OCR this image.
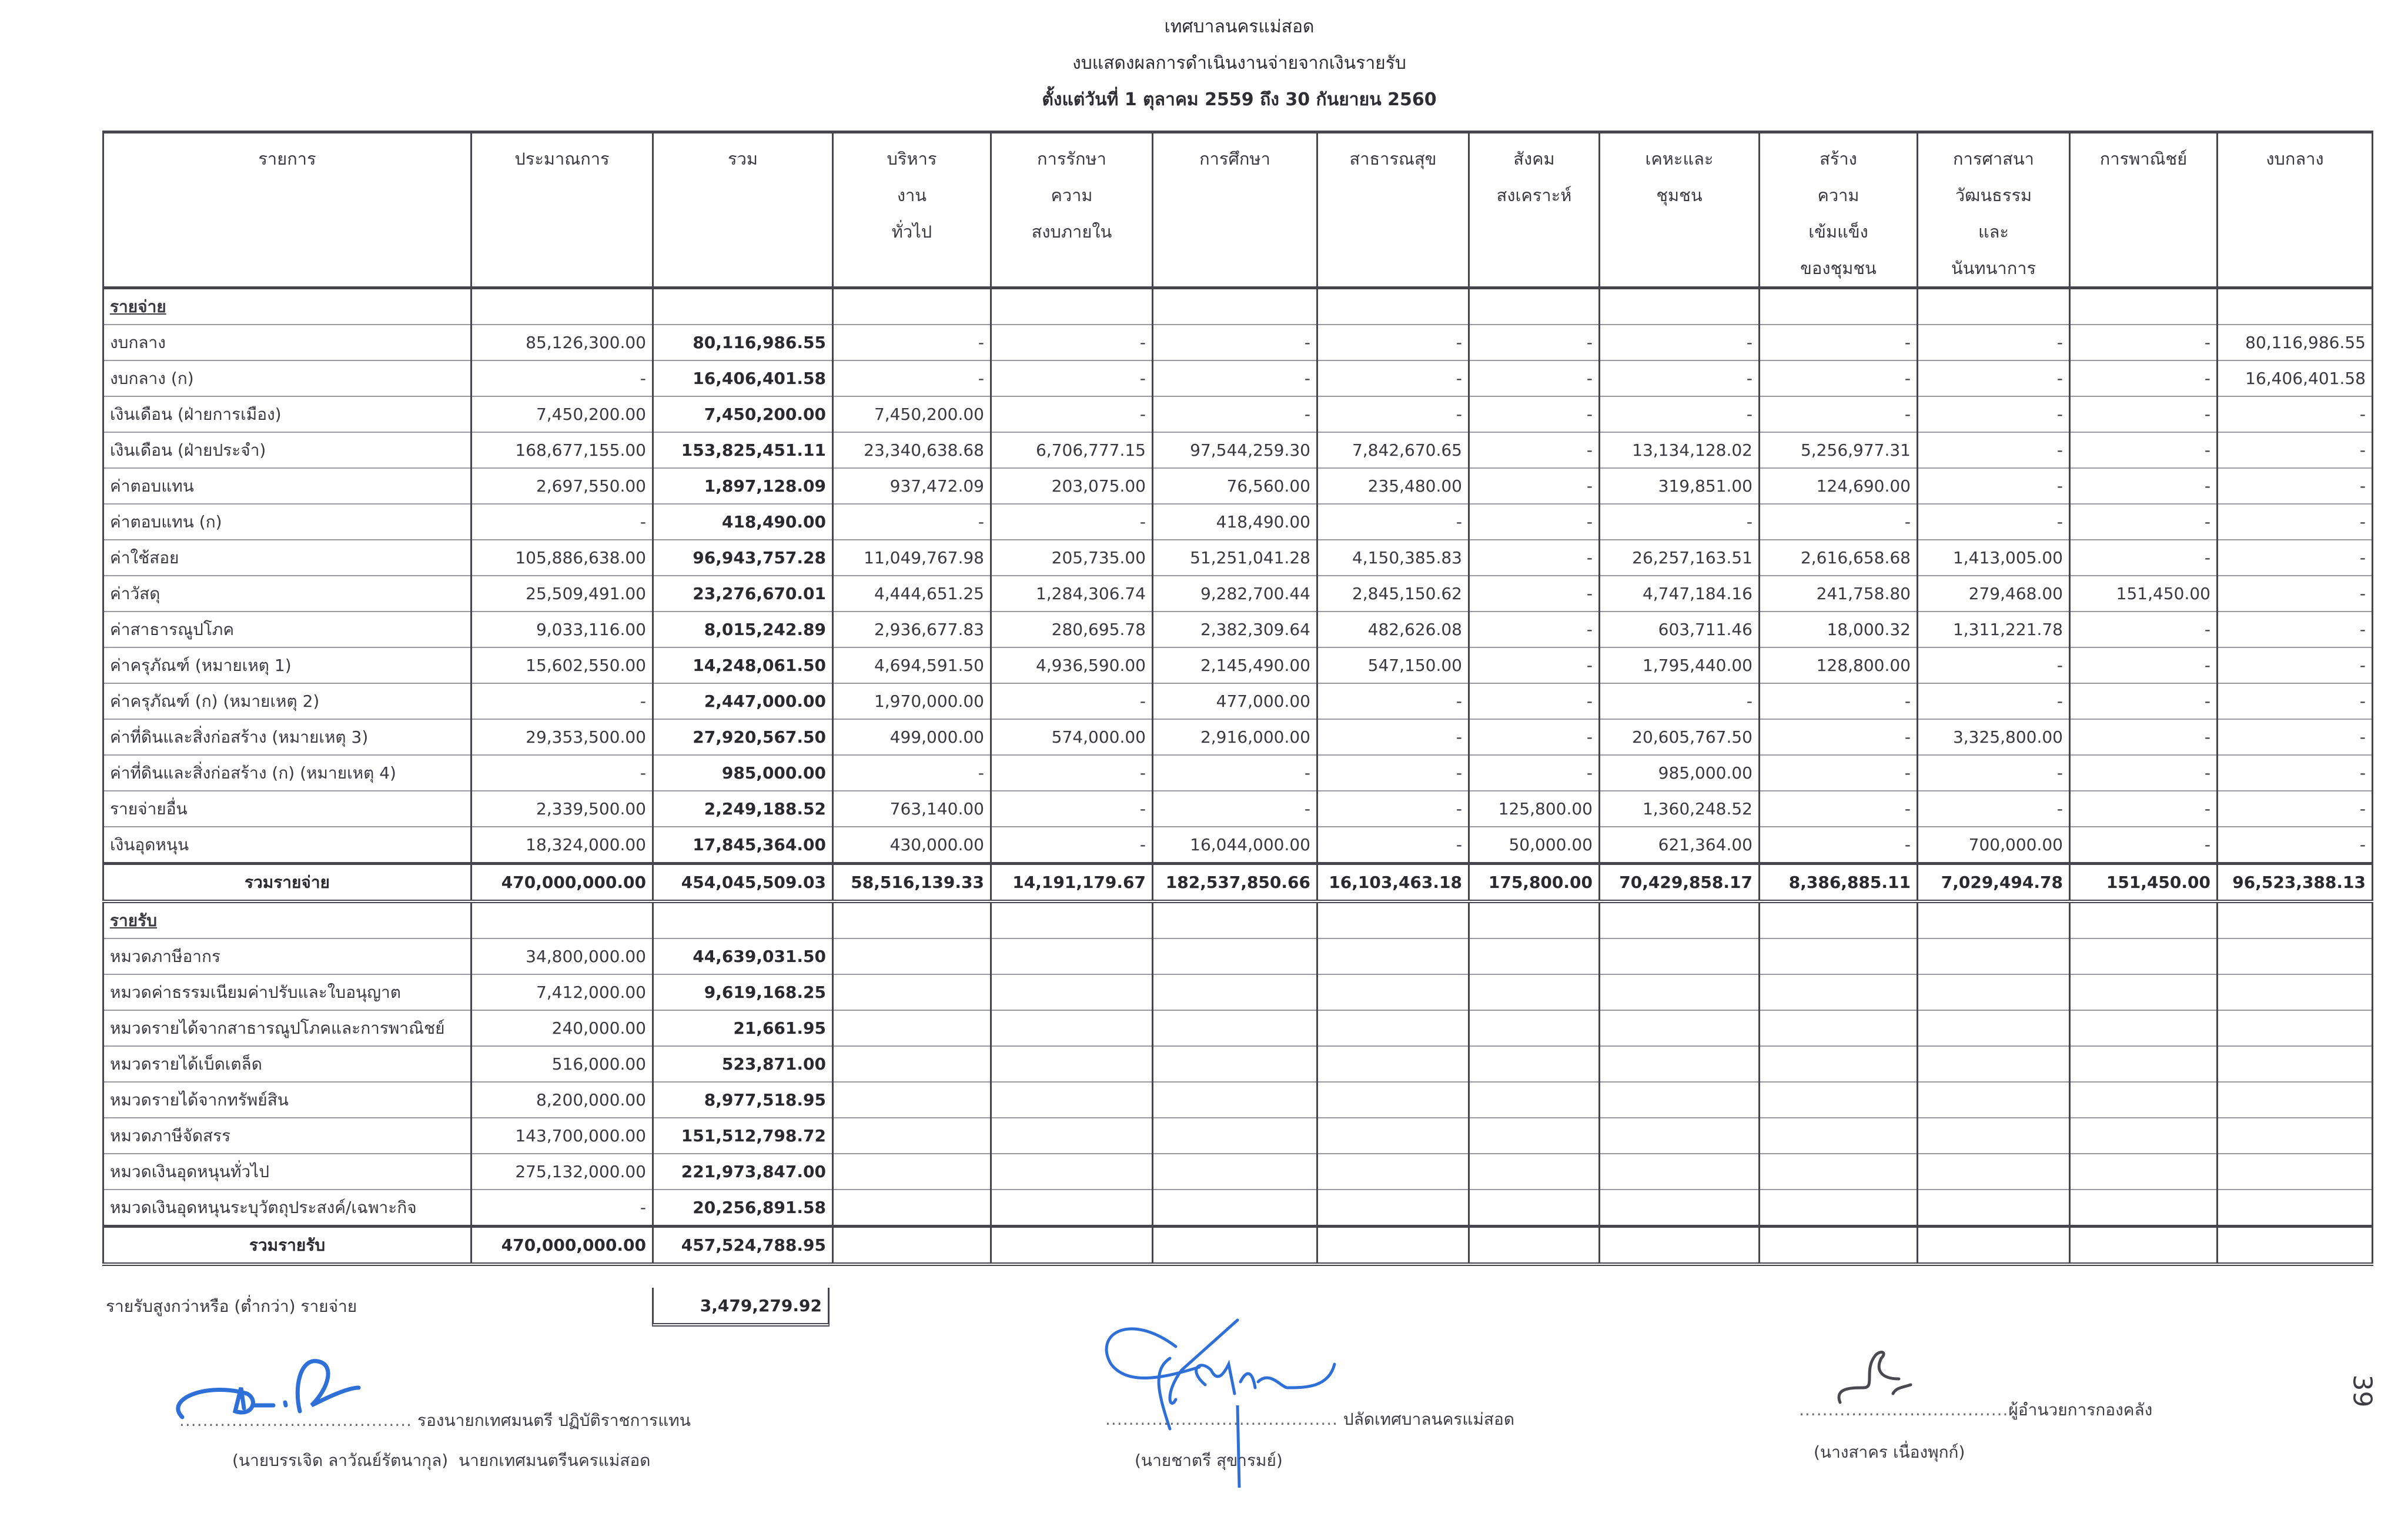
เทศบาลนครแม่สอด
งบแสดงผลการดำเนินงานจ่ายจากเงินรายรับ
ตั้งแต่วันที่ 1 ตุลาคม 2559 ถึง 30 กันยายน 2560
รายการ	ประมาณการ	รวม	บริหาร
งาน
ทั่วไป	การรักษา
ความ
สงบภายใน	การศึกษา	สาธารณสุข	สังคม
สงเคราะห์	เคหะและ
ชุมชน	สร้าง
ความ
เข้มแข็ง
ของชุมชน	การศาสนา
วัฒนธรรม
และ
นันทนาการ	การพาณิชย์	งบกลาง
รายจ่าย												
งบกลาง	85,126,300.00	80,116,986.55	-	-	-	-	-	-	-	-	-	80,116,986.55
งบกลาง (ก)	-	16,406,401.58	-	-	-	-	-	-	-	-	-	16,406,401.58
เงินเดือน (ฝ่ายการเมือง)	7,450,200.00	7,450,200.00	7,450,200.00	-	-	-	-	-	-	-	-	-
เงินเดือน (ฝ่ายประจำ)	168,677,155.00	153,825,451.11	23,340,638.68	6,706,777.15	97,544,259.30	7,842,670.65	-	13,134,128.02	5,256,977.31	-	-	-
ค่าตอบแทน	2,697,550.00	1,897,128.09	937,472.09	203,075.00	76,560.00	235,480.00	-	319,851.00	124,690.00	-	-	-
ค่าตอบแทน (ก)	-	418,490.00	-	-	418,490.00	-	-	-	-	-	-	-
ค่าใช้สอย	105,886,638.00	96,943,757.28	11,049,767.98	205,735.00	51,251,041.28	4,150,385.83	-	26,257,163.51	2,616,658.68	1,413,005.00	-	-
ค่าวัสดุ	25,509,491.00	23,276,670.01	4,444,651.25	1,284,306.74	9,282,700.44	2,845,150.62	-	4,747,184.16	241,758.80	279,468.00	151,450.00	-
ค่าสาธารณูปโภค	9,033,116.00	8,015,242.89	2,936,677.83	280,695.78	2,382,309.64	482,626.08	-	603,711.46	18,000.32	1,311,221.78	-	-
ค่าครุภัณฑ์ (หมายเหตุ 1)	15,602,550.00	14,248,061.50	4,694,591.50	4,936,590.00	2,145,490.00	547,150.00	-	1,795,440.00	128,800.00	-	-	-
ค่าครุภัณฑ์ (ก) (หมายเหตุ 2)	-	2,447,000.00	1,970,000.00	-	477,000.00	-	-	-	-	-	-	-
ค่าที่ดินและสิ่งก่อสร้าง (หมายเหตุ 3)	29,353,500.00	27,920,567.50	499,000.00	574,000.00	2,916,000.00	-	-	20,605,767.50	-	3,325,800.00	-	-
ค่าที่ดินและสิ่งก่อสร้าง (ก) (หมายเหตุ 4)	-	985,000.00	-	-	-	-	-	985,000.00	-	-	-	-
รายจ่ายอื่น	2,339,500.00	2,249,188.52	763,140.00	-	-	-	125,800.00	1,360,248.52	-	-	-	-
เงินอุดหนุน	18,324,000.00	17,845,364.00	430,000.00	-	16,044,000.00	-	50,000.00	621,364.00	-	700,000.00	-	-
รวมรายจ่าย	470,000,000.00	454,045,509.03	58,516,139.33	14,191,179.67	182,537,850.66	16,103,463.18	175,800.00	70,429,858.17	8,386,885.11	7,029,494.78	151,450.00	96,523,388.13
รายรับ												
หมวดภาษีอากร	34,800,000.00	44,639,031.50										
หมวดค่าธรรมเนียมค่าปรับและใบอนุญาต	7,412,000.00	9,619,168.25										
หมวดรายได้จากสาธารณูปโภคและการพาณิชย์	240,000.00	21,661.95										
หมวดรายได้เบ็ดเตล็ด	516,000.00	523,871.00										
หมวดรายได้จากทรัพย์สิน	8,200,000.00	8,977,518.95										
หมวดภาษีจัดสรร	143,700,000.00	151,512,798.72										
หมวดเงินอุดหนุนทั่วไป	275,132,000.00	221,973,847.00										
หมวดเงินอุดหนุนระบุวัตถุประสงค์/เฉพาะกิจ	-	20,256,891.58										
รวมรายรับ	470,000,000.00	457,524,788.95										
รายรับสูงกว่าหรือ (ต่ำกว่า) รายจ่าย	3,479,279.92
........................................ รองนายกเทศมนตรี ปฏิบัติราชการแทน
(นายบรรเจิด ลาวัณย์รัตนากุล) นายกเทศมนตรีนครแม่สอด
........................................ ปลัดเทศบาลนครแม่สอด
(นายชาตรี สุขารมย์)
....................................ผู้อำนวยการกองคลัง
(นางสาคร เนื่องพุกก์)
39
